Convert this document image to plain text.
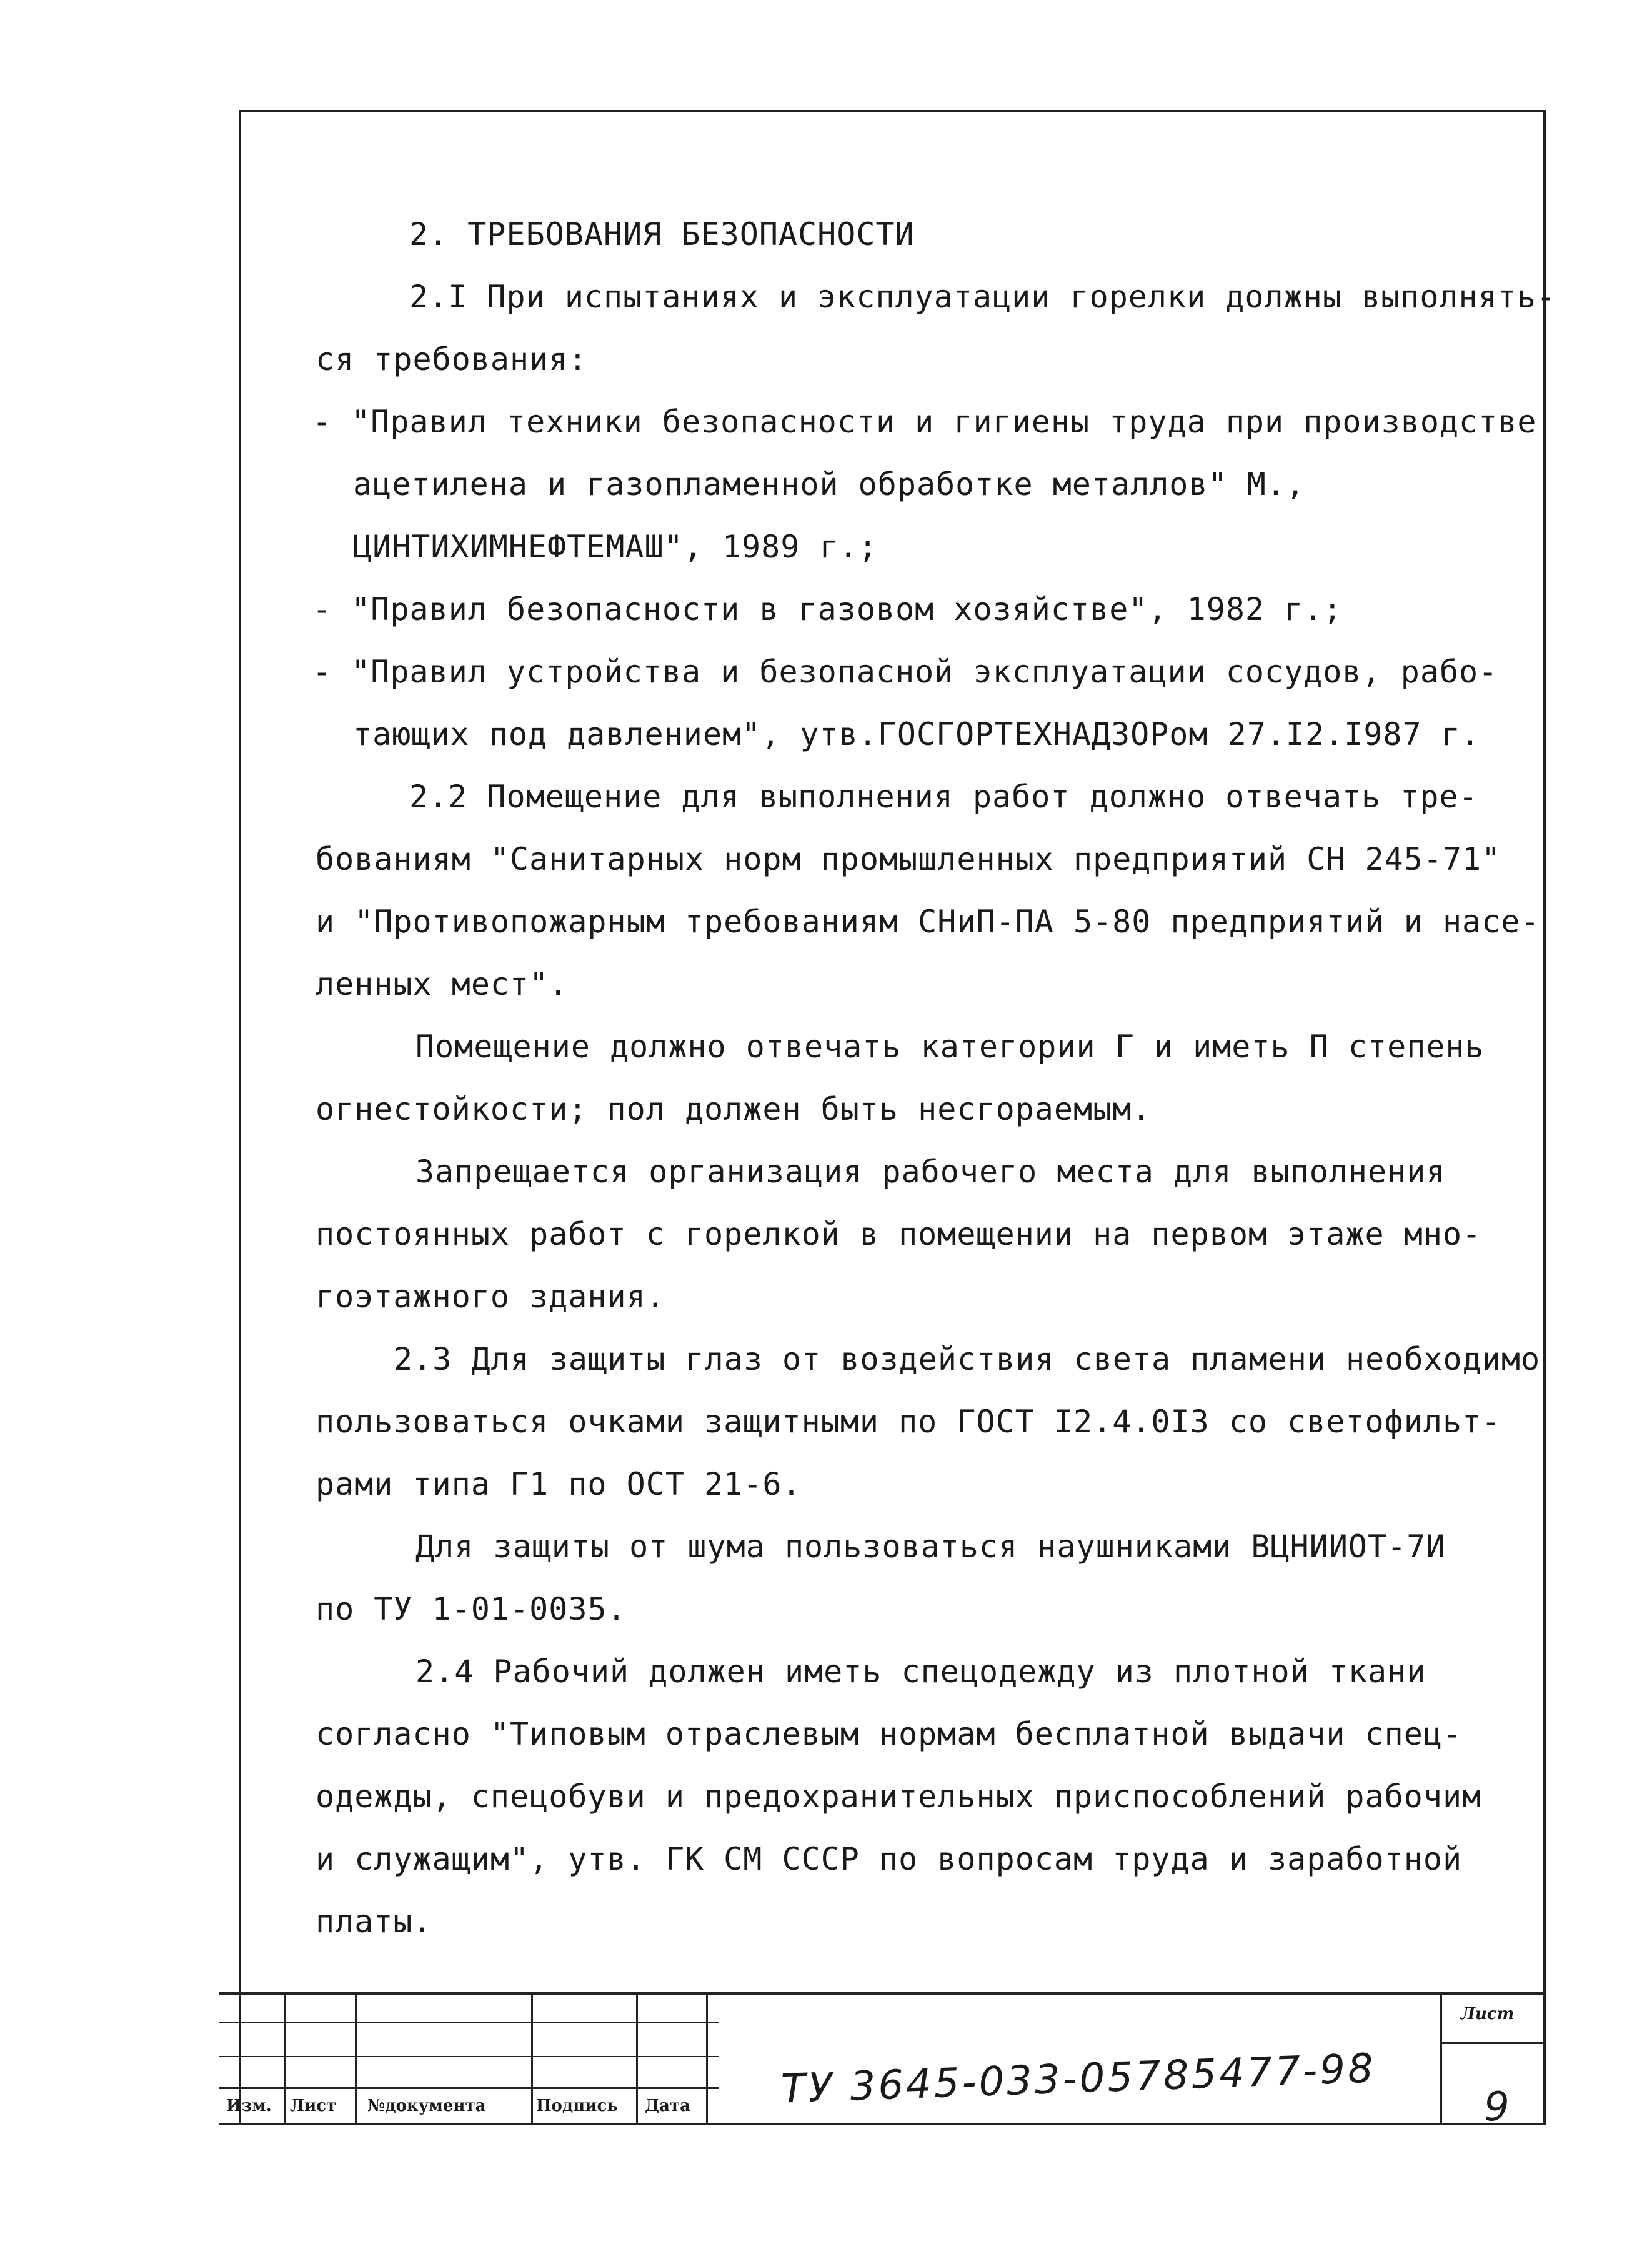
2. ТРЕБОВАНИЯ БЕЗОПАСНОСТИ
2.I При испытаниях и эксплуатации горелки должны выполнять-
ся требования:
- "Правил техники безопасности и гигиены труда при производстве
ацетилена и газопламенной обработке металлов" М.,
ЦИНТИХИМНЕФТЕМАШ", 1989 г.;
- "Правил безопасности в газовом хозяйстве", 1982 г.;
- "Правил устройства и безопасной эксплуатации сосудов, рабо-
тающих под давлением", утв.ГОСГОРТЕХНАДЗОРом 27.I2.I987 г.
2.2 Помещение для выполнения работ должно отвечать тре-
бованиям "Санитарных норм промышленных предприятий СН 245-71"
и "Противопожарным требованиям СНиП-ПА 5-80 предприятий и насе-
ленных мест".
Помещение должно отвечать категории Г и иметь П степень
огнестойкости; пол должен быть несгораемым.
Запрещается организация рабочего места для выполнения
постоянных работ с горелкой в помещении на первом этаже мно-
гоэтажного здания.
2.3 Для защиты глаз от воздействия света пламени необходимо
пользоваться очками защитными по ГОСТ I2.4.0I3 со светофильт-
рами типа Г1 по ОСТ 21-6.
Для защиты от шума пользоваться наушниками ВЦНИИОТ-7И
по ТУ 1-01-0035.
2.4 Рабочий должен иметь спецодежду из плотной ткани
согласно "Типовым отраслевым нормам бесплатной выдачи спец-
одежды, спецобуви и предохранительных приспособлений рабочим
и служащим", утв. ГК СМ СССР по вопросам труда и заработной
платы.
Изм. Лист №документа	Подпись Дата
Лист
ТУ 3645-033-05785477-98	9
